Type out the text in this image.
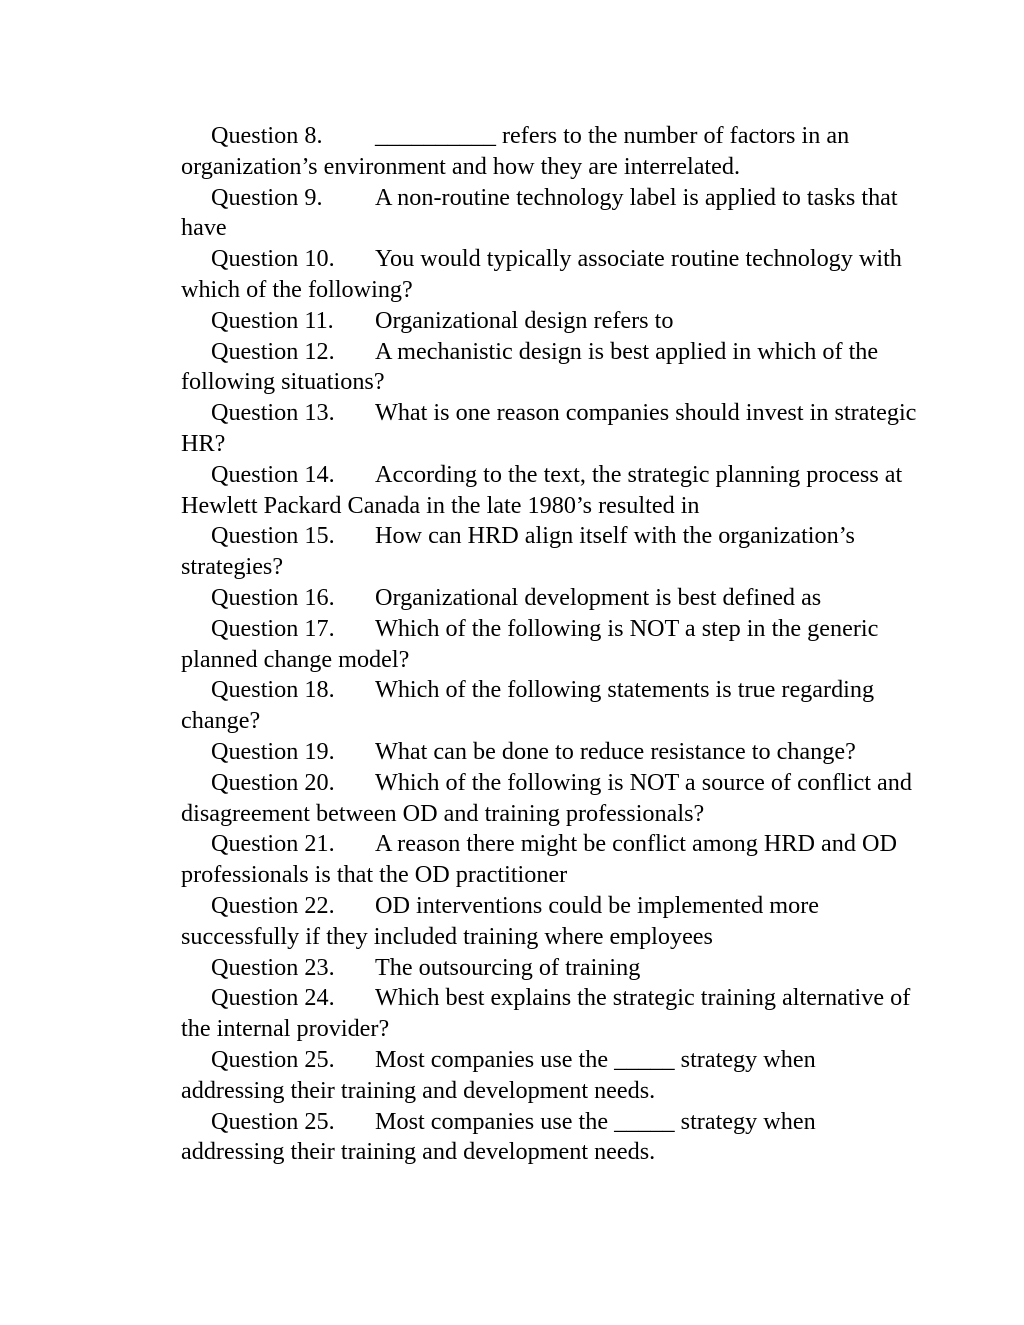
Question 8. __________ refers to the number of factors in an organization’s environment and how they are interrelated.

Question 9. A non-routine technology label is applied to tasks that have

Question 10. You would typically associate routine technology with which of the following?

Question 11. Organizational design refers to

Question 12. A mechanistic design is best applied in which of the following situations?

Question 13. What is one reason companies should invest in strategic HR?

Question 14. According to the text, the strategic planning process at Hewlett Packard Canada in the late 1980’s resulted in

Question 15. How can HRD align itself with the organization’s strategies?

Question 16. Organizational development is best defined as

Question 17. Which of the following is NOT a step in the generic planned change model?

Question 18. Which of the following statements is true regarding change?

Question 19. What can be done to reduce resistance to change?

Question 20. Which of the following is NOT a source of conflict and disagreement between OD and training professionals?

Question 21. A reason there might be conflict among HRD and OD professionals is that the OD practitioner

Question 22. OD interventions could be implemented more successfully if they included training where employees

Question 23. The outsourcing of training

Question 24. Which best explains the strategic training alternative of the internal provider?

Question 25. Most companies use the _____ strategy when addressing their training and development needs.

Question 25. Most companies use the _____ strategy when addressing their training and development needs.
